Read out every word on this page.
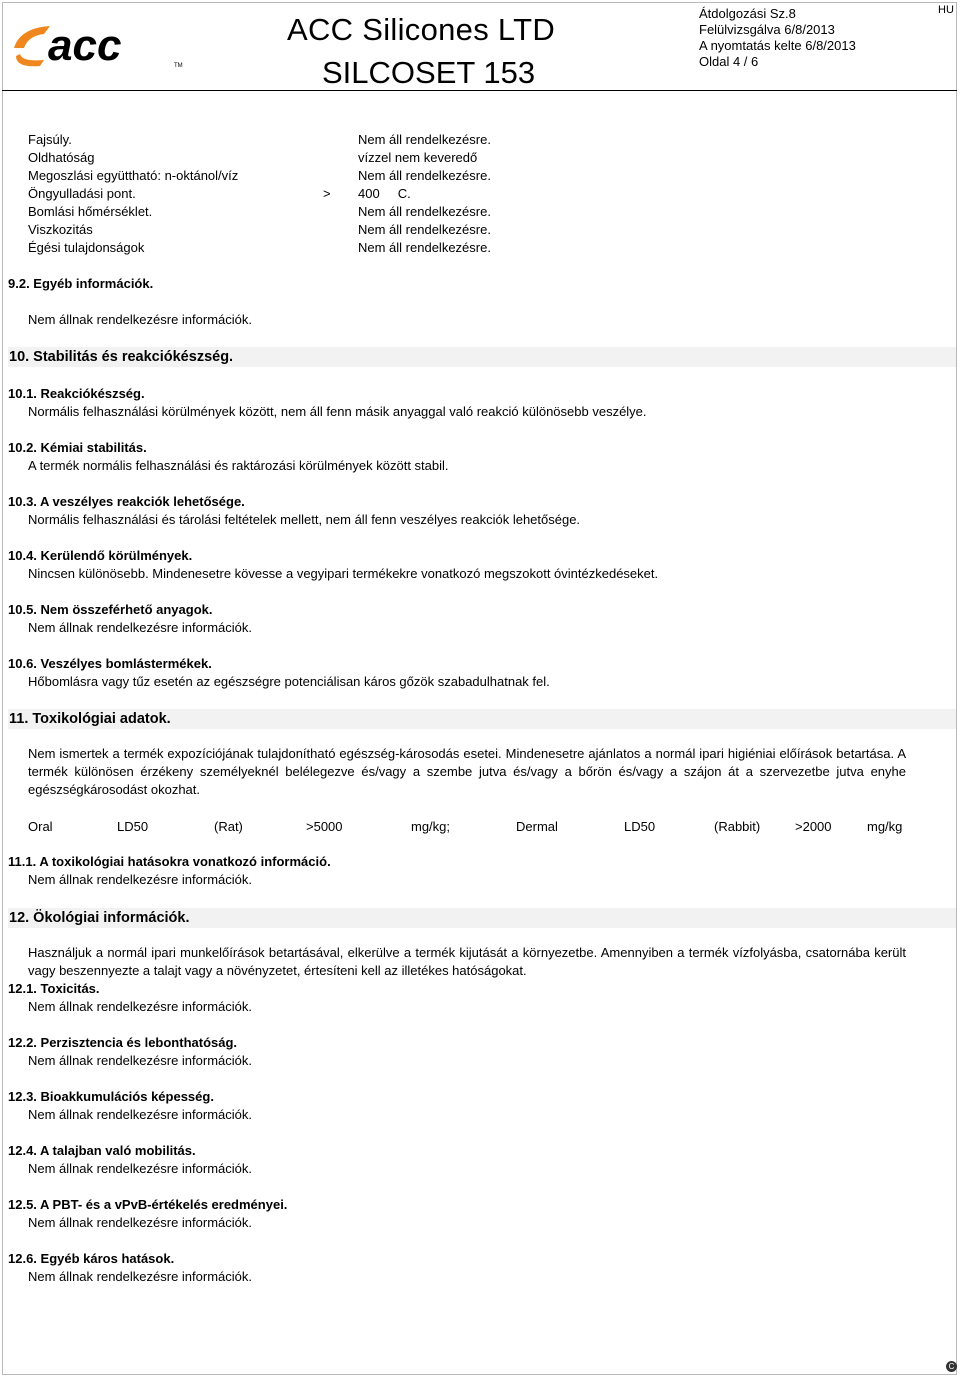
acc	TM
ACC Silicones LTD
SILCOSET 153
Átdolgozási Sz.8
Felülvizsgálva 6/8/2013
A nyomtatás kelte 6/8/2013
Oldal 4 / 6
HU
Fajsúly.	Nem áll rendelkezésre.
Oldhatóság	vízzel nem keveredő
Megoszlási együttható: n-oktánol/víz	Nem áll rendelkezésre.
Öngyulladási pont.	> 400     C.
Bomlási hőmérséklet.	Nem áll rendelkezésre.
Viszkozitás	Nem áll rendelkezésre.
Égési tulajdonságok	Nem áll rendelkezésre.
9.2. Egyéb információk.
Nem állnak rendelkezésre információk.
10. Stabilitás és reakciókészség.
10.1. Reakciókészség.
Normális felhasználási körülmények között, nem áll fenn másik anyaggal való reakció különösebb veszélye.
10.2. Kémiai stabilitás.
A termék normális felhasználási és raktározási körülmények között stabil.
10.3. A veszélyes reakciók lehetősége.
Normális felhasználási és tárolási feltételek mellett, nem áll fenn veszélyes reakciók lehetősége.
10.4. Kerülendő körülmények.
Nincsen különösebb. Mindenesetre kövesse a vegyipari termékekre vonatkozó megszokott óvintézkedéseket.
10.5. Nem összeférhető anyagok.
Nem állnak rendelkezésre információk.
10.6. Veszélyes bomlástermékek.
Hőbomlásra vagy tűz esetén az egészségre potenciálisan káros gőzök szabadulhatnak fel.
11. Toxikológiai adatok.
Nem ismertek a termék expozíciójának tulajdonítható egészség-károsodás esetei. Mindenesetre ajánlatos a normál ipari higiéniai előírások betartása. A termék különösen érzékeny személyeknél belélegezve és/vagy a szembe jutva és/vagy a bőrön és/vagy a szájon át a szervezetbe jutva enyhe egészségkárosodást okozhat.
Oral	LD50	(Rat)	>5000	mg/kg;	Dermal	LD50	(Rabbit)	>2000	mg/kg
11.1. A toxikológiai hatásokra vonatkozó információ.
Nem állnak rendelkezésre információk.
12. Ökológiai információk.
Használjuk a normál ipari munkelőírások betartásával, elkerülve a termék kijutását a környezetbe. Amennyiben a termék vízfolyásba, csatornába került vagy beszennyezte a talajt vagy a növényzetet, értesíteni kell az illetékes hatóságokat.
12.1. Toxicitás.
Nem állnak rendelkezésre információk.
12.2. Perzisztencia és lebonthatóság.
Nem állnak rendelkezésre információk.
12.3. Bioakkumulációs képesség.
Nem állnak rendelkezésre információk.
12.4. A talajban való mobilitás.
Nem állnak rendelkezésre információk.
12.5. A PBT- és a vPvB-értékelés eredményei.
Nem állnak rendelkezésre információk.
12.6. Egyéb káros hatások.
Nem állnak rendelkezésre információk.
C
